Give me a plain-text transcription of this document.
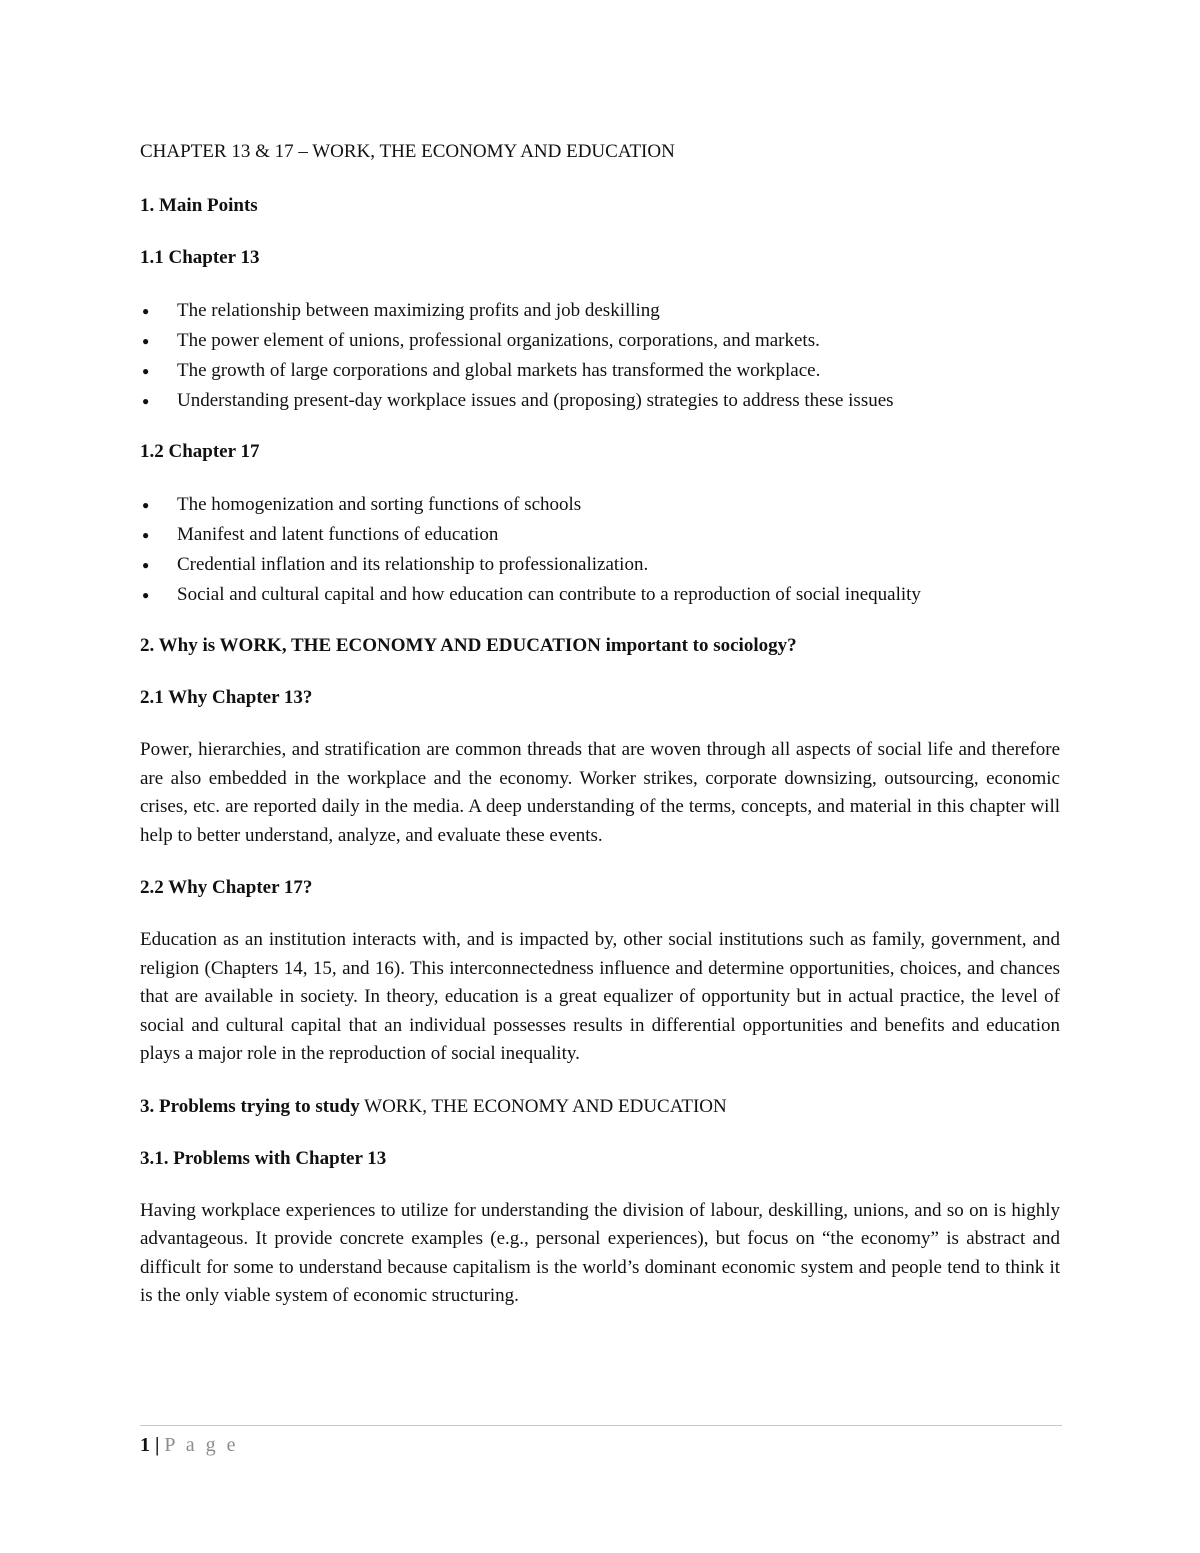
CHAPTER 13 & 17 – WORK, THE ECONOMY AND EDUCATION
1. Main Points
1.1 Chapter 13
● The relationship between maximizing profits and job deskilling
● The power element of unions, professional organizations, corporations, and markets.
● The growth of large corporations and global markets has transformed the workplace.
● Understanding present-day workplace issues and (proposing) strategies to address these issues
1.2 Chapter 17
● The homogenization and sorting functions of schools
● Manifest and latent functions of education
● Credential inflation and its relationship to professionalization.
● Social and cultural capital and how education can contribute to a reproduction of social inequality
2. Why is WORK, THE ECONOMY AND EDUCATION important to sociology?
2.1 Why Chapter 13?

Power, hierarchies, and stratification are common threads that are woven through all aspects of social life and therefore are also embedded in the workplace and the economy. Worker strikes, corporate downsizing, outsourcing, economic crises, etc. are reported daily in the media. A deep understanding of the terms, concepts, and material in this chapter will help to better understand, analyze, and evaluate these events.

2.2 Why Chapter 17?

Education as an institution interacts with, and is impacted by, other social institutions such as family, government, and religion (Chapters 14, 15, and 16). This interconnectedness influence and determine opportunities, choices, and chances that are available in society. In theory, education is a great equalizer of opportunity but in actual practice, the level of social and cultural capital that an individual possesses results in differential opportunities and benefits and education plays a major role in the reproduction of social inequality.

3. Problems trying to study WORK, THE ECONOMY AND EDUCATION
3.1. Problems with Chapter 13

Having workplace experiences to utilize for understanding the division of labour, deskilling, unions, and so on is highly advantageous. It provide concrete examples (e.g., personal experiences), but focus on “the economy” is abstract and difficult for some to understand because capitalism is the world’s dominant economic system and people tend to think it is the only viable system of economic structuring.

1 | P a g e
